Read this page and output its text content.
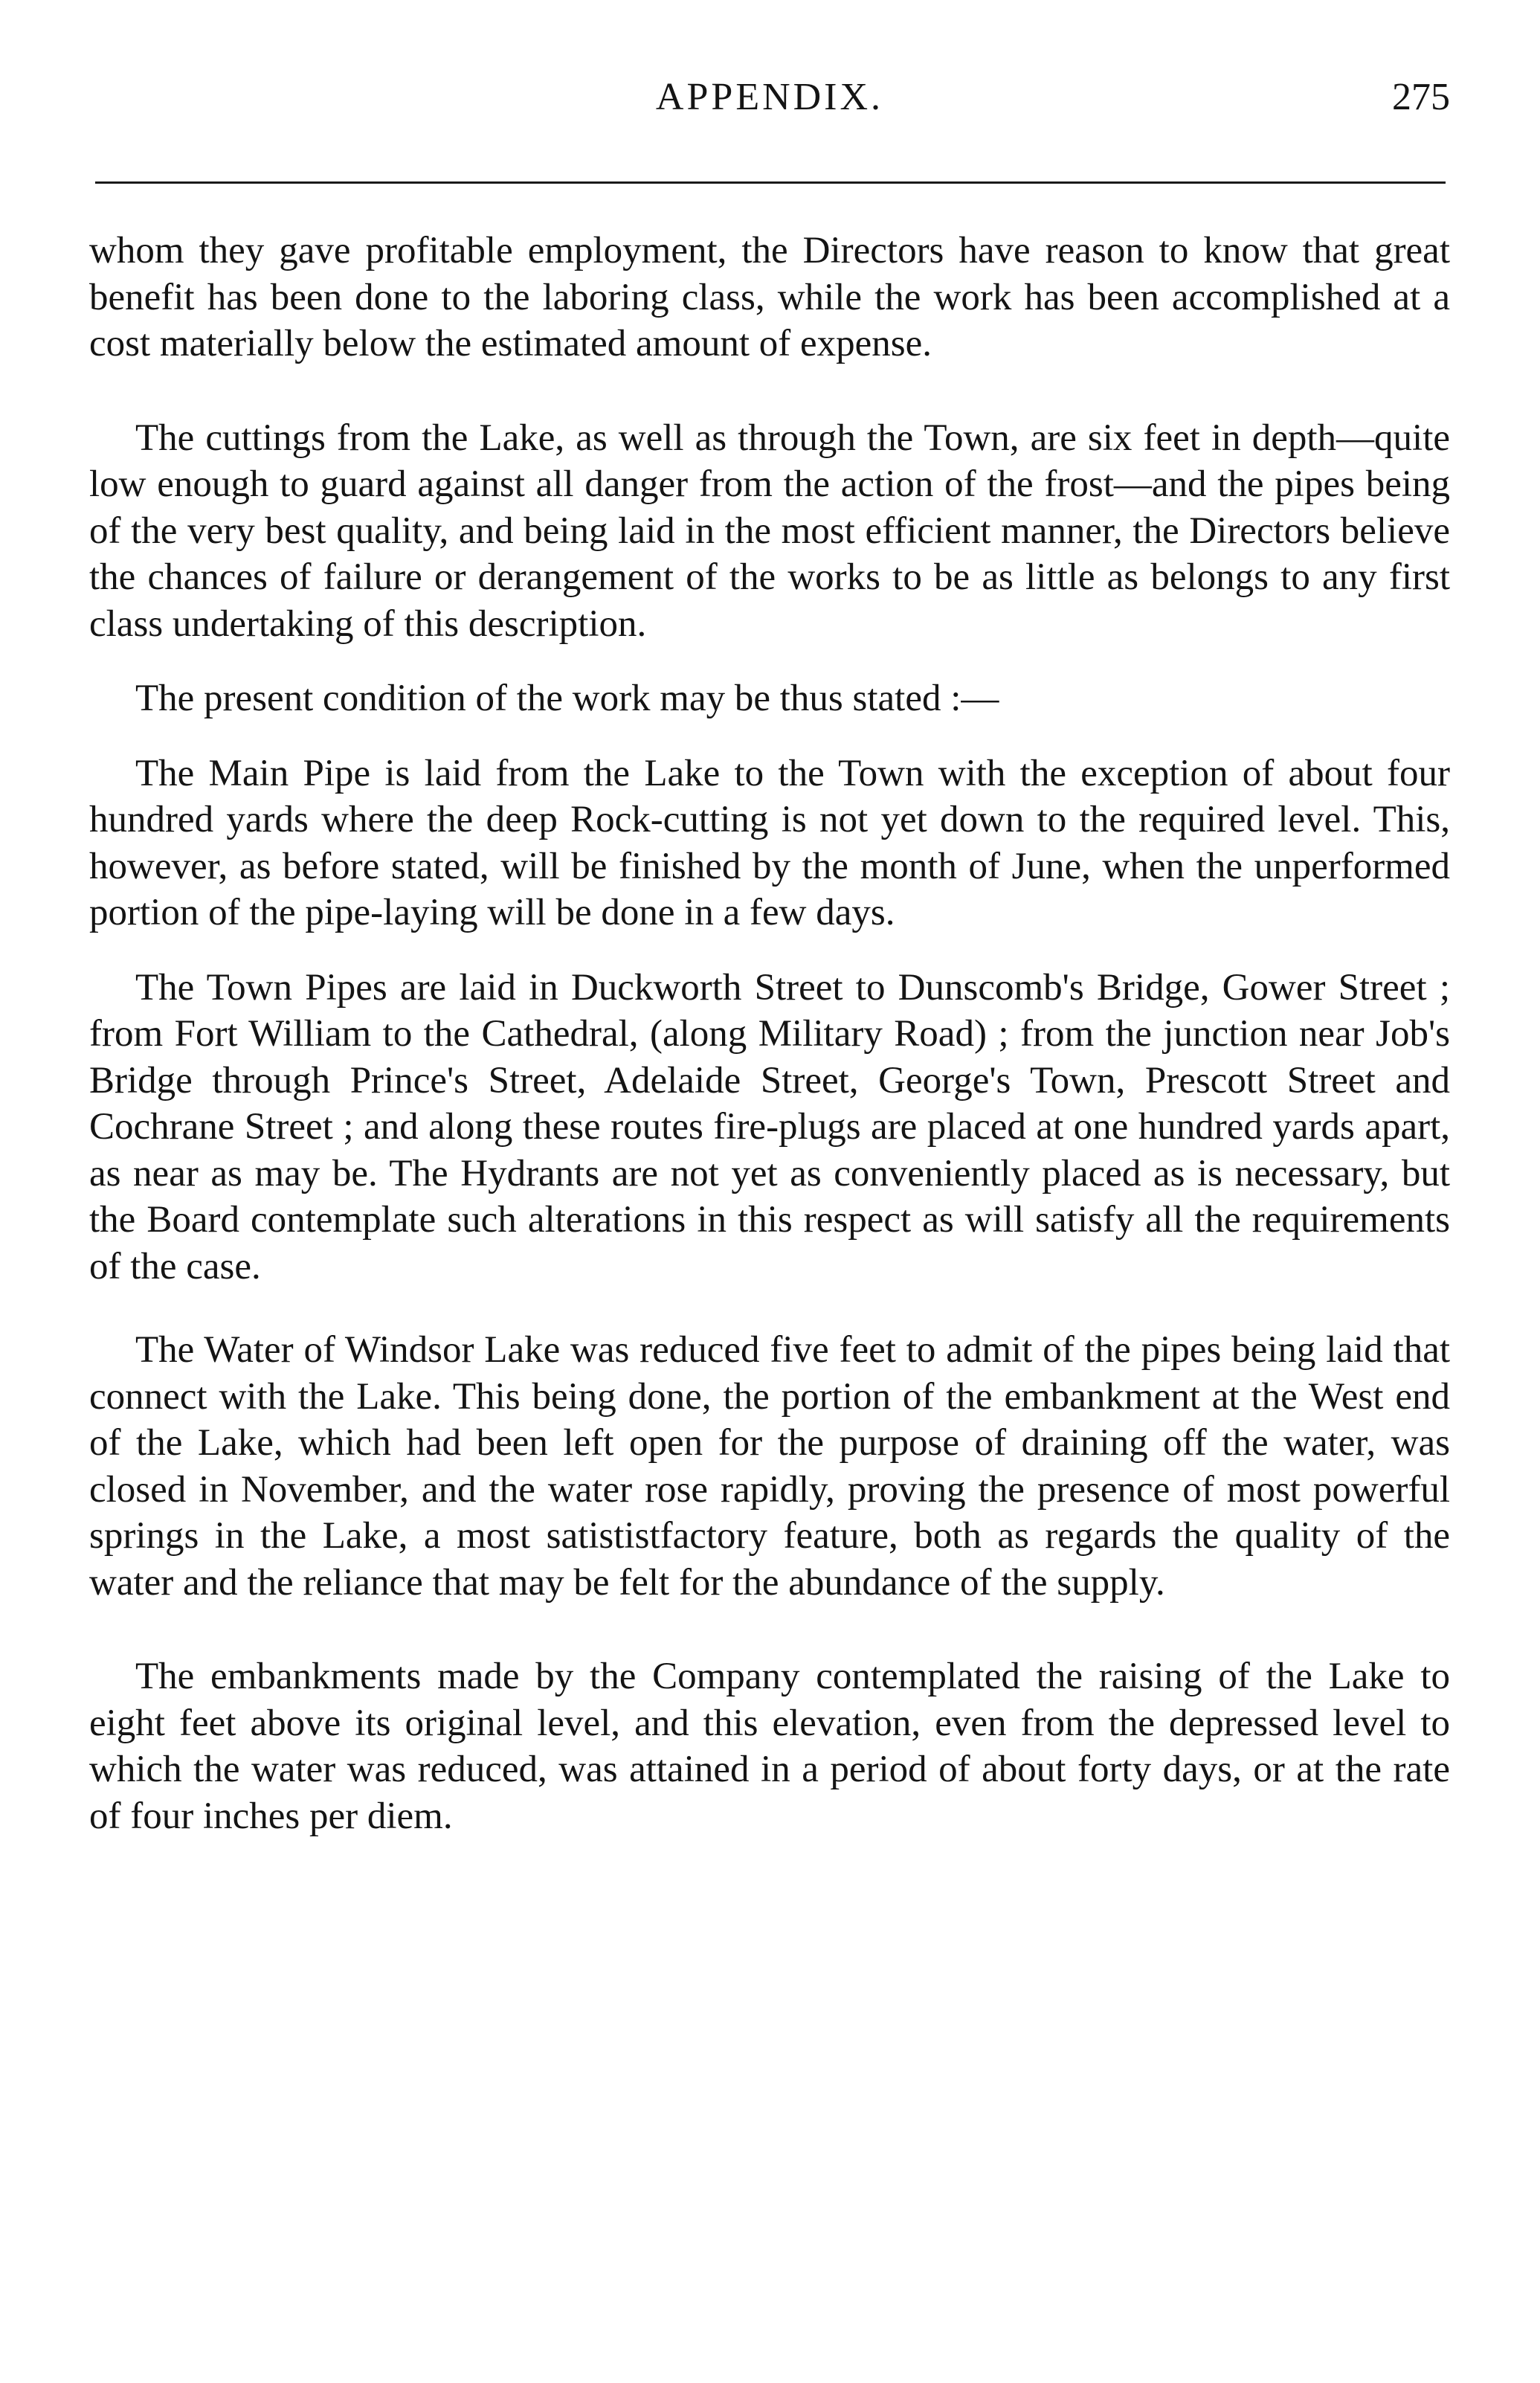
APPENDIX.	275

whom they gave profitable employment, the Directors have reason to know that great benefit has been done to the laboring class, while the work has been accomplished at a cost materially below the estimated amount of expense.

The cuttings from the Lake, as well as through the Town, are six feet in depth—quite low enough to guard against all danger from the action of the frost—and the pipes being of the very best quality, and being laid in the most efficient manner, the Directors believe the chances of failure or derangement of the works to be as little as belongs to any first class undertaking of this description.

The present condition of the work may be thus stated :—

The Main Pipe is laid from the Lake to the Town with the exception of about four hundred yards where the deep Rock-cutting is not yet down to the required level. This, however, as before stated, will be finished by the month of June, when the unperformed portion of the pipe-laying will be done in a few days.

The Town Pipes are laid in Duckworth Street to Dunscomb's Bridge, Gower Street ; from Fort William to the Cathedral, (along Military Road) ; from the junction near Job's Bridge through Prince's Street, Adelaide Street, George's Town, Prescott Street and Cochrane Street ; and along these routes fire-plugs are placed at one hundred yards apart, as near as may be. The Hydrants are not yet as conveniently placed as is necessary, but the Board contemplate such alterations in this respect as will satisfy all the requirements of the case.

The Water of Windsor Lake was reduced five feet to admit of the pipes being laid that connect with the Lake. This being done, the portion of the embankment at the West end of the Lake, which had been left open for the purpose of draining off the water, was closed in November, and the water rose rapidly, proving the presence of most powerful springs in the Lake, a most satististfactory feature, both as regards the quality of the water and the reliance that may be felt for the abundance of the supply.

The embankments made by the Company contemplated the raising of the Lake to eight feet above its original level, and this elevation, even from the depressed level to which the water was reduced, was attained in a period of about forty days, or at the rate of four inches per diem.
